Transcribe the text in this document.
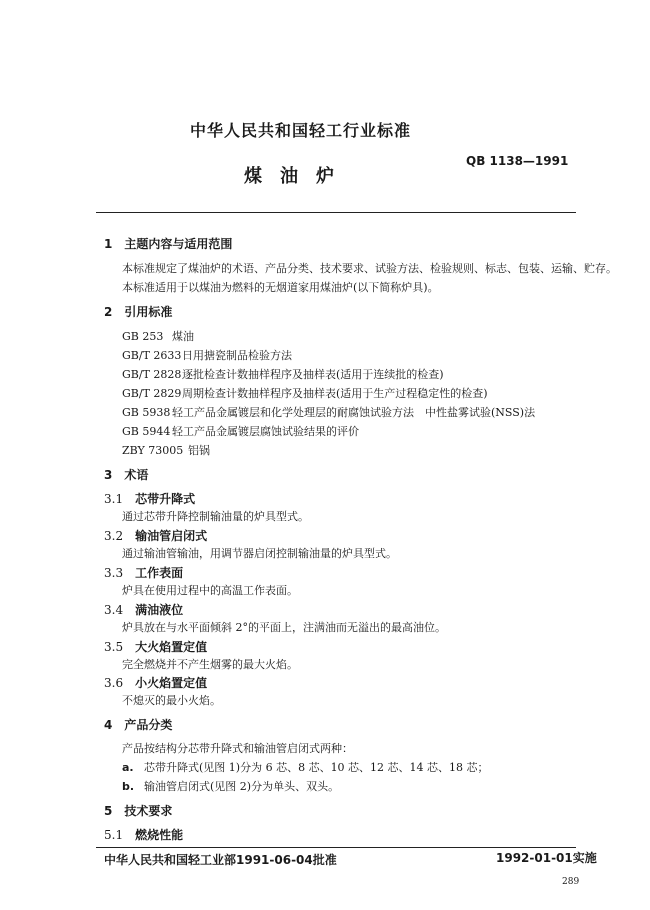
中华人民共和国轻工行业标准
QB 1138—1991
煤　油　炉
1　 主题内容与适用范围
本标准规定了煤油炉的术语、产品分类、技术要求、试验方法、检验规则、标志、包装、运输、贮存。
本标准适用于以煤油为燃料的无烟道家用煤油炉(以下简称炉具)。
2　 引用标准
GB 253 煤油
GB/T 2633日用搪瓷制品检验方法
GB/T 2828逐批检查计数抽样程序及抽样表(适用于连续批的检查)
GB/T 2829周期检查计数抽样程序及抽样表(适用于生产过程稳定性的检查)
GB 5938 轻工产品金属镀层和化学处理层的耐腐蚀试验方法　中性盐雾试验(NSS)法
GB 5944 轻工产品金属镀层腐蚀试验结果的评价
ZBY 73005 铝锅
3　 术语
3.1　 芯带升降式
通过芯带升降控制输油量的炉具型式。
3.2　 输油管启闭式
通过输油管输油，用调节器启闭控制输油量的炉具型式。
3.3　 工作表面
炉具在使用过程中的高温工作表面。
3.4　 满油液位
炉具放在与水平面倾斜 2°的平面上，注满油而无溢出的最高油位。
3.5　 大火焰置定值
完全燃烧并不产生烟雾的最大火焰。
3.6　 小火焰置定值
不熄灭的最小火焰。
4　 产品分类
产品按结构分芯带升降式和输油管启闭式两种：
a. 芯带升降式(见图 1)分为 6 芯、8 芯、10 芯、12 芯、14 芯、18 芯；
b. 输油管启闭式(见图 2)分为单头、双头。
5　 技术要求
5.1　 燃烧性能
中华人民共和国轻工业部1991-06-04批准	1992-01-01实施
289
